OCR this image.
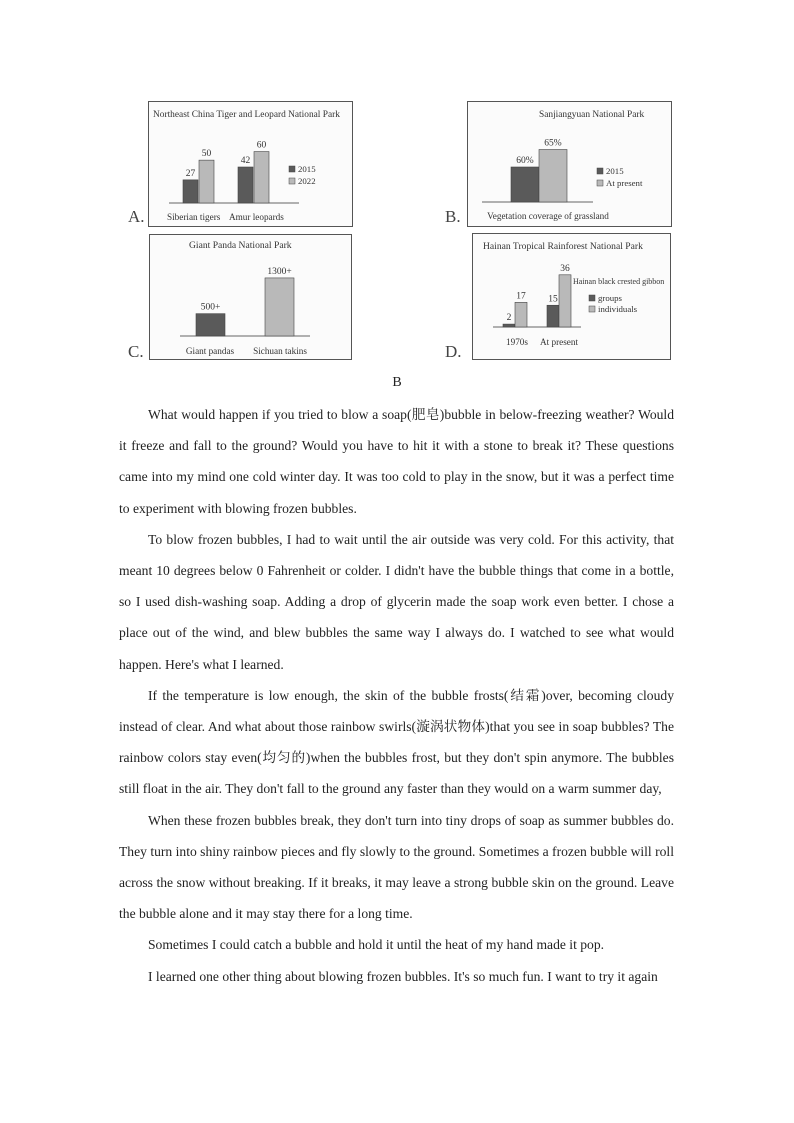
A.	B.
C.	D.
Northeast China Tiger and Leopard National Park
27
42
50
60
Siberian tigers Amur leopards
2015
2022
Sanjiangyuan National Park
60%
65%
Vegetation coverage of grassland
2015
At present
Giant Panda National Park
500+
1300+
Giant pandas Sichuan takins
Hainan Tropical Rainforest National Park
2
15
17
36
1970s At present
Hainan black crested gibbon
groups
individuals
B

What would happen if you tried to blow a soap(肥皂)bubble in below-freezing weather? Would it freeze and fall to the ground? Would you have to hit it with a stone to break it? These questions came into my mind one cold winter day. It was too cold to play in the snow, but it was a perfect time to experiment with blowing frozen bubbles.

To blow frozen bubbles, I had to wait until the air outside was very cold. For this activity, that meant 10 degrees below 0 Fahrenheit or colder. I didn't have the bubble things that come in a bottle, so I used dish-washing soap. Adding a drop of glycerin made the soap work even better. I chose a place out of the wind, and blew bubbles the same way I always do. I watched to see what would happen. Here's what I learned.

If the temperature is low enough, the skin of the bubble frosts(结霜)over, becoming cloudy instead of clear. And what about those rainbow swirls(漩涡状物体)that you see in soap bubbles? The rainbow colors stay even(均匀的)when the bubbles frost, but they don't spin anymore. The bubbles still float in the air. They don't fall to the ground any faster than they would on a warm summer day,

When these frozen bubbles break, they don't turn into tiny drops of soap as summer bubbles do. They turn into shiny rainbow pieces and fly slowly to the ground. Sometimes a frozen bubble will roll across the snow without breaking. If it breaks, it may leave a strong bubble skin on the ground. Leave the bubble alone and it may stay there for a long time.

Sometimes I could catch a bubble and hold it until the heat of my hand made it pop.

I learned one other thing about blowing frozen bubbles. It's so much fun. I want to try it again
